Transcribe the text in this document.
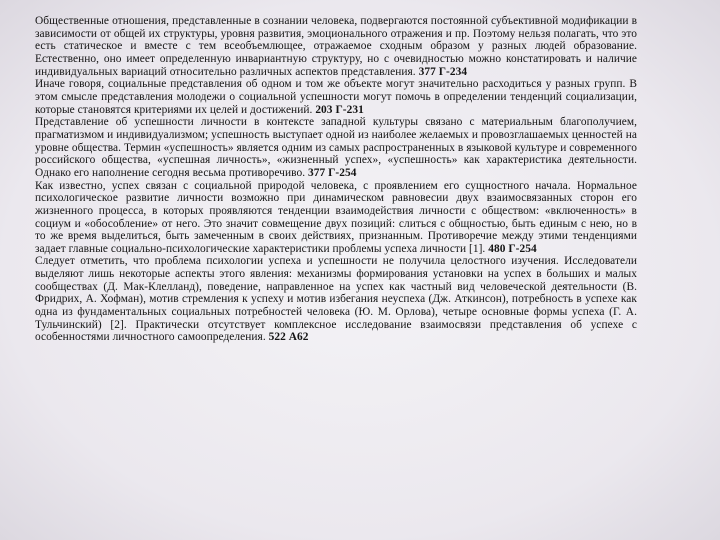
Общественные отношения, представленные в сознании человека, подвергаются постоянной субъективной модификации в зависимости от общей их структуры, уровня развития, эмоционального отражения и пр. Поэтому нельзя полагать, что это есть статическое и вместе с тем всеобъемлющее, отражаемое сходным образом у разных людей образование. Естественно, оно имеет определенную инвариантную структуру, но с очевидностью можно констатировать и наличие индивидуальных вариаций относительно различных аспектов представления. 377 Г-234

Иначе говоря, социальные представления об одном и том же объекте могут значительно расходиться у разных групп. В этом смысле представления молодежи о социальной успешности могут помочь в определении тенденций социализации, которые становятся критериями их целей и достижений. 203 Г-231

Представление об успешности личности в контексте западной культуры связано с материальным благополучием, прагматизмом и индивидуализмом; успешность выступает одной из наиболее желаемых и провозглашаемых ценностей на уровне общества. Термин «успешность» является одним из самых распространенных в языковой культуре и современного российского общества, «успешная личность», «жизненный успех», «успешность» как характеристика деятельности. Однако его наполнение сегодня весьма противоречиво. 377 Г-254

Как известно, успех связан с социальной природой человека, с проявлением его сущностного начала. Нормальное психологическое развитие личности возможно при динамическом равновесии двух взаимосвязанных сторон его жизненного процесса, в которых проявляются тенденции взаимодействия личности с обществом: «включенность» в социум и «обособление» от него. Это значит совмещение двух позиций: слиться с общностью, быть единым с нею, но в то же время выделиться, быть замеченным в своих действиях, признанным. Противоречие между этими тенденциями задает главные социально-психологические характеристики проблемы успеха личности [1]. 480 Г-254

Следует отметить, что проблема психологии успеха и успешности не получила целостного изучения. Исследователи выделяют лишь некоторые аспекты этого явления: механизмы формирования установки на успех в больших и малых сообществах (Д. Мак-Клелланд), поведение, направленное на успех как частный вид человеческой деятельности (В. Фридрих, А. Хофман), мотив стремления к успеху и мотив избегания неуспеха (Дж. Аткинсон), потребность в успехе как одна из фундаментальных социальных потребностей человека (Ю. М. Орлова), четыре основные формы успеха (Г. А. Тульчинский) [2]. Практически отсутствует комплексное исследование взаимосвязи представления об успехе с особенностями личностного самоопределения. 522 А62
